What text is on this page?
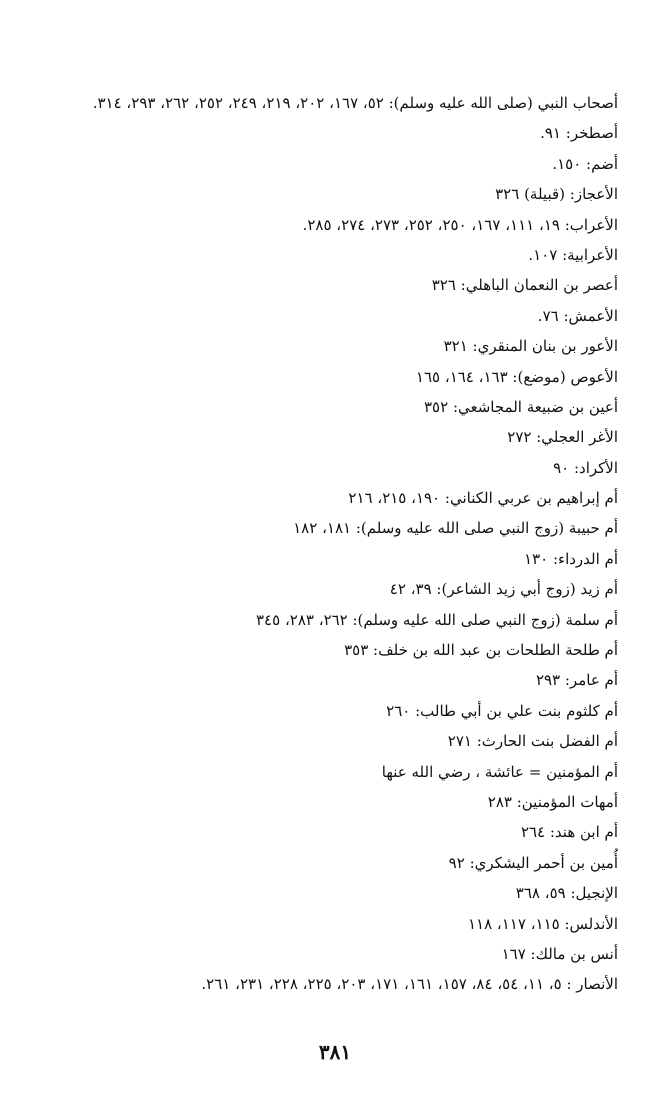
أصحاب النبي (صلى الله عليه وسلم): ٥٢، ١٦٧، ٢٠٢، ٢١٩، ٢٤٩، ٢٥٢، ٢٦٢، ٢٩٣، ٣١٤.
أصطخر: ٩١.
أضم: ١٥٠.
الأعجاز: (قبيلة) ٣٢٦
الأعراب: ١٩، ١١١، ١٦٧، ٢٥٠، ٢٥٢، ٢٧٣، ٢٧٤، ٢٨٥.
الأعرابية: ١٠٧.
أعصر بن النعمان الباهلي: ٣٢٦
الأعمش: ٧٦.
الأعور بن بنان المنقري: ٣٢١
الأعوص (موضع): ١٦٣، ١٦٤، ١٦٥
أعين بن ضبيعة المجاشعي: ٣٥٢
الأغر العجلي: ٢٧٢
الأكراد: ٩٠
أم إبراهيم بن عربي الكناني: ١٩٠، ٢١٥، ٢١٦
أم حبيبة (زوج النبي صلى الله عليه وسلم): ١٨١، ١٨٢
أم الدرداء: ١٣٠
أم زيد (زوج أبي زيد الشاعر): ٣٩، ٤٢
أم سلمة (زوج النبي صلى الله عليه وسلم): ٢٦٢، ٢٨٣، ٣٤٥
أم طلحة الطلحات بن عبد الله بن خلف: ٣٥٣
أم عامر: ٢٩٣
أم كلثوم بنت علي بن أبي طالب: ٢٦٠
أم الفضل بنت الحارث: ٢٧١
أم المؤمنين = عائشة ، رضي الله عنها
أمهات المؤمنين: ٢٨٣
أم ابن هند: ٢٦٤
أُمين بن أحمر اليشكري: ٩٢
الإنجيل: ٥٩، ٣٦٨
الأندلس: ١١٥، ١١٧، ١١٨
أنس بن مالك: ١٦٧
الأنصار : ٥، ١١، ٥٤، ٨٤، ١٥٧، ١٦١، ١٧١، ٢٠٣، ٢٢٥، ٢٢٨، ٢٣١، ٢٦١.
٣٨١
